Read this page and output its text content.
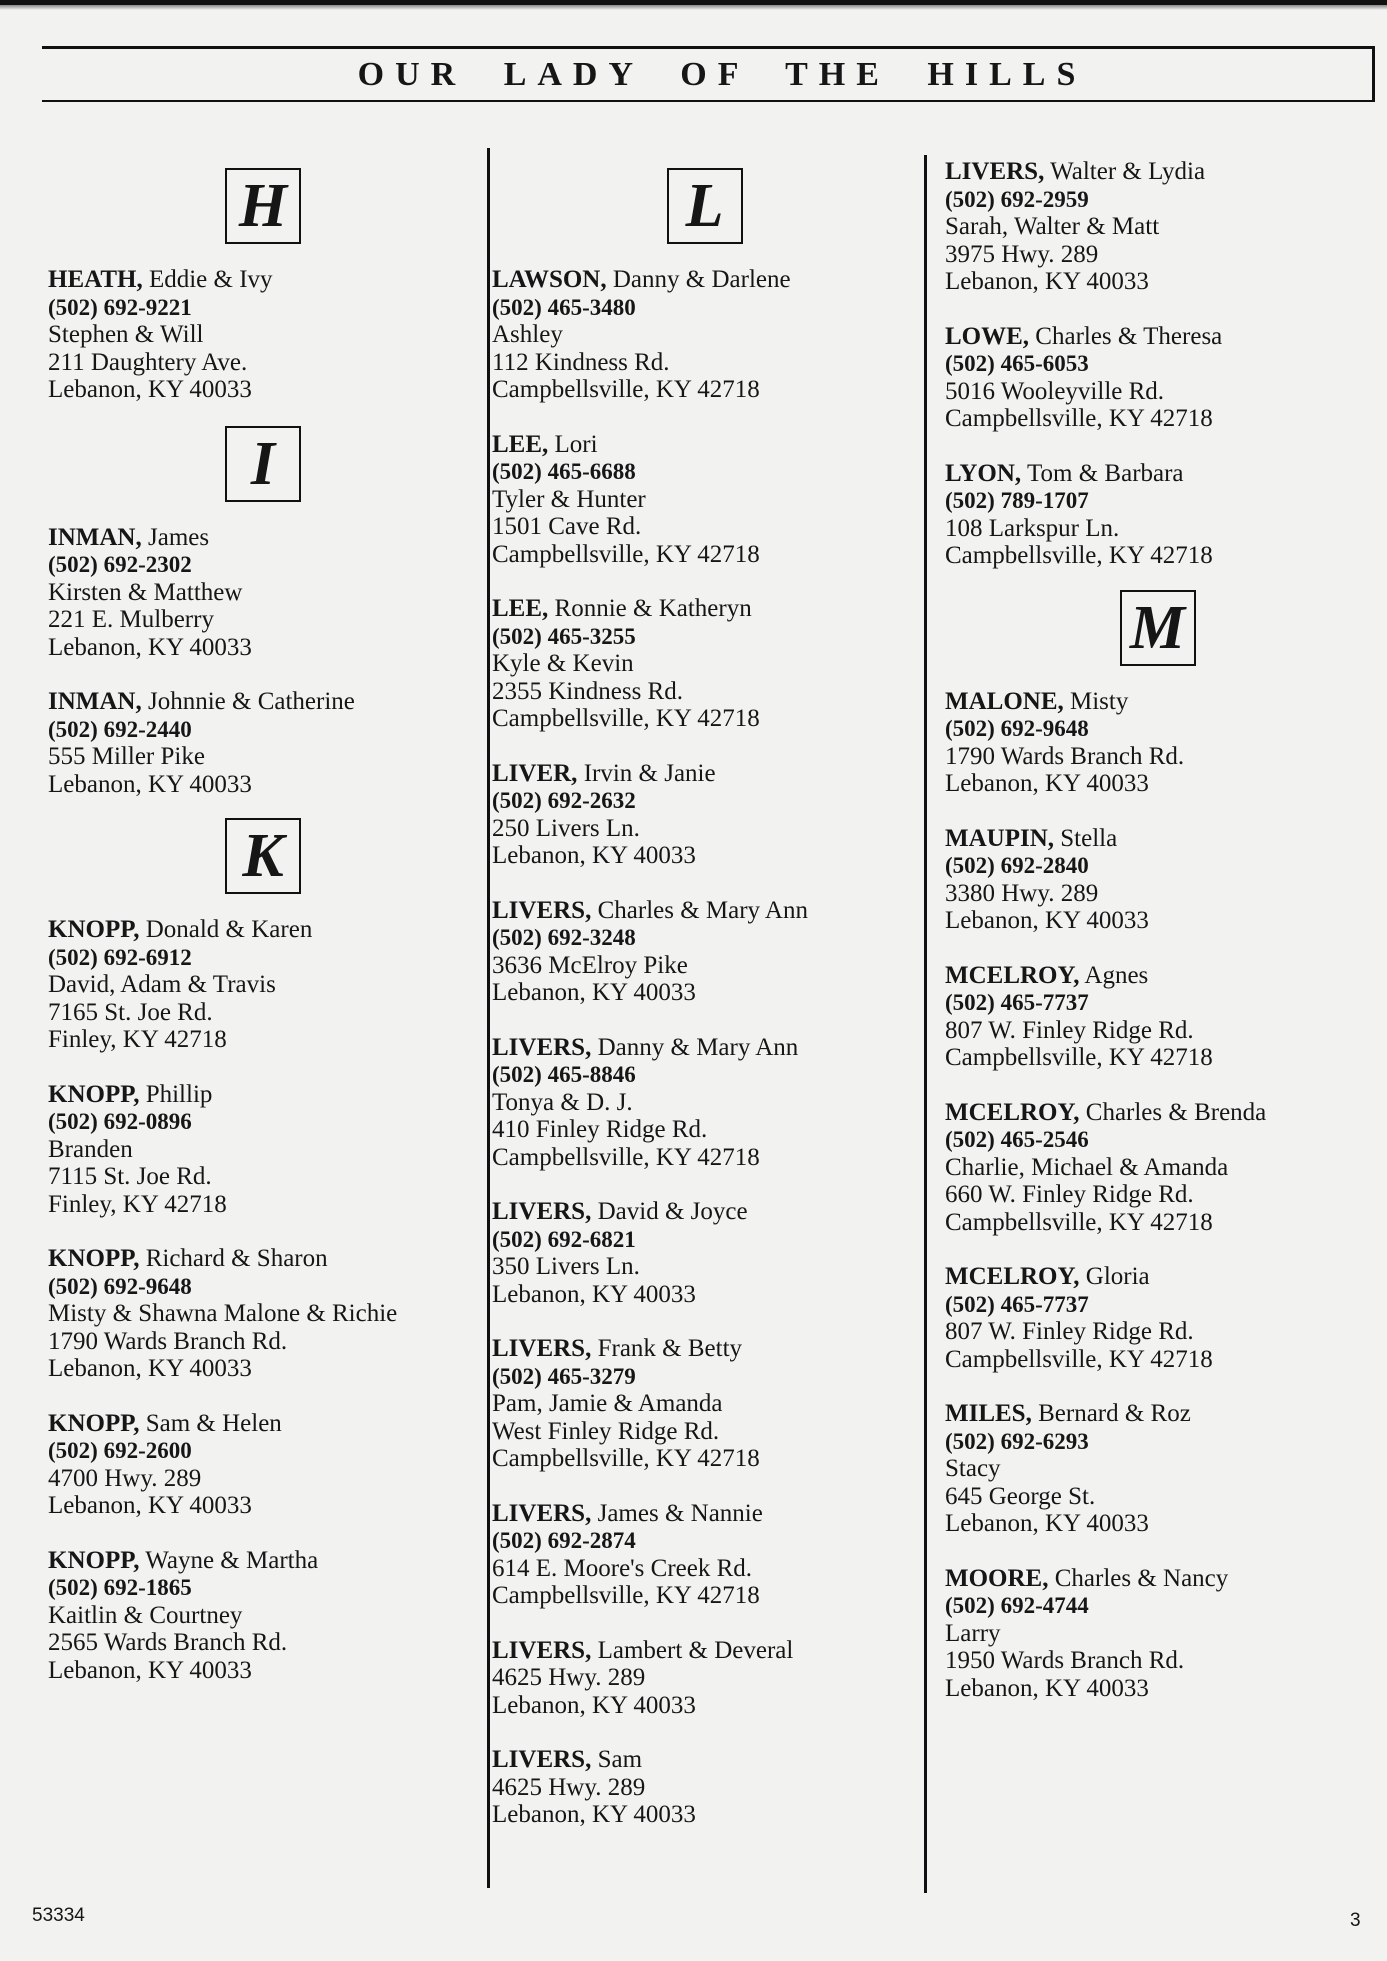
OUR LADY OF THE HILLS
H
HEATH, Eddie & Ivy
(502) 692-9221
Stephen & Will
211 Daughtery Ave.
Lebanon, KY 40033
I
INMAN, James
(502) 692-2302
Kirsten & Matthew
221 E. Mulberry
Lebanon, KY 40033
INMAN, Johnnie & Catherine
(502) 692-2440
555 Miller Pike
Lebanon, KY 40033
K
KNOPP, Donald & Karen
(502) 692-6912
David, Adam & Travis
7165 St. Joe Rd.
Finley, KY 42718
KNOPP, Phillip
(502) 692-0896
Branden
7115 St. Joe Rd.
Finley, KY 42718
KNOPP, Richard & Sharon
(502) 692-9648
Misty & Shawna Malone & Richie
1790 Wards Branch Rd.
Lebanon, KY 40033
KNOPP, Sam & Helen
(502) 692-2600
4700 Hwy. 289
Lebanon, KY 40033
KNOPP, Wayne & Martha
(502) 692-1865
Kaitlin & Courtney
2565 Wards Branch Rd.
Lebanon, KY 40033
L
LAWSON, Danny & Darlene
(502) 465-3480
Ashley
112 Kindness Rd.
Campbellsville, KY 42718
LEE, Lori
(502) 465-6688
Tyler & Hunter
1501 Cave Rd.
Campbellsville, KY 42718
LEE, Ronnie & Katheryn
(502) 465-3255
Kyle & Kevin
2355 Kindness Rd.
Campbellsville, KY 42718
LIVER, Irvin & Janie
(502) 692-2632
250 Livers Ln.
Lebanon, KY 40033
LIVERS, Charles & Mary Ann
(502) 692-3248
3636 McElroy Pike
Lebanon, KY 40033
LIVERS, Danny & Mary Ann
(502) 465-8846
Tonya & D. J.
410 Finley Ridge Rd.
Campbellsville, KY 42718
LIVERS, David & Joyce
(502) 692-6821
350 Livers Ln.
Lebanon, KY 40033
LIVERS, Frank & Betty
(502) 465-3279
Pam, Jamie & Amanda
West Finley Ridge Rd.
Campbellsville, KY 42718
LIVERS, James & Nannie
(502) 692-2874
614 E. Moore's Creek Rd.
Campbellsville, KY 42718
LIVERS, Lambert & Deveral
4625 Hwy. 289
Lebanon, KY 40033
LIVERS, Sam
4625 Hwy. 289
Lebanon, KY 40033
LIVERS, Walter & Lydia
(502) 692-2959
Sarah, Walter & Matt
3975 Hwy. 289
Lebanon, KY 40033
LOWE, Charles & Theresa
(502) 465-6053
5016 Wooleyville Rd.
Campbellsville, KY 42718
LYON, Tom & Barbara
(502) 789-1707
108 Larkspur Ln.
Campbellsville, KY 42718
M
MALONE, Misty
(502) 692-9648
1790 Wards Branch Rd.
Lebanon, KY 40033
MAUPIN, Stella
(502) 692-2840
3380 Hwy. 289
Lebanon, KY 40033
MCELROY, Agnes
(502) 465-7737
807 W. Finley Ridge Rd.
Campbellsville, KY 42718
MCELROY, Charles & Brenda
(502) 465-2546
Charlie, Michael & Amanda
660 W. Finley Ridge Rd.
Campbellsville, KY 42718
MCELROY, Gloria
(502) 465-7737
807 W. Finley Ridge Rd.
Campbellsville, KY 42718
MILES, Bernard & Roz
(502) 692-6293
Stacy
645 George St.
Lebanon, KY 40033
MOORE, Charles & Nancy
(502) 692-4744
Larry
1950 Wards Branch Rd.
Lebanon, KY 40033
53334	3
